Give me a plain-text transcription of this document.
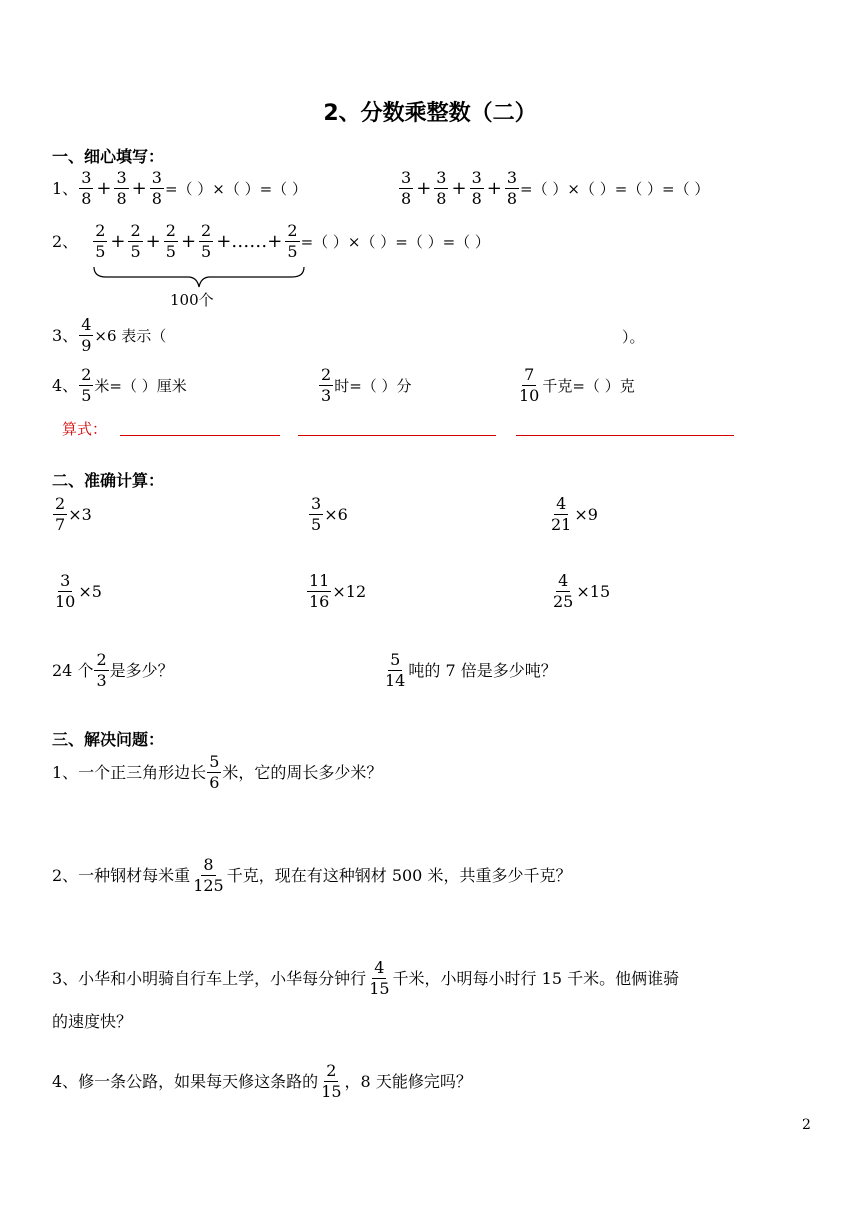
2、分数乘整数（二）
一、细心填写：
1、 $\frac{3}{8} + \frac{3}{8} + \frac{3}{8}$ =（ ）×（ ）=（ ）	$\frac{3}{8} + \frac{3}{8} + \frac{3}{8} + \frac{3}{8}$ =（ ）×（ ）=（ ）=（ ）
2、 $\frac{2}{5} + \frac{2}{5} + \frac{2}{5} + \frac{2}{5}$ +……+ $\frac{2}{5}$ =（ ）×（ ）=（ ）=（ ）
100个
3、 $\frac{4}{9} \times 6$ 表示（	）。
4、 $\frac{2}{5}$ 米=（ ）厘米	$\frac{2}{3}$ 时=（ ）分	$\frac{7}{10}$ 千克=（ ）克
算式：
二、准确计算：
$\frac{2}{7} \times 3$	$\frac{3}{5} \times 6$	$\frac{4}{21} \times 9$
$\frac{3}{10} \times 5$	$\frac{11}{16} \times 12$	$\frac{4}{25} \times 15$
24 个 $\frac{2}{3}$ 是多少？	$\frac{5}{14}$ 吨的 7 倍是多少吨？
三、解决问题：
1、一个正三角形边长 $\frac{5}{6}$ 米，它的周长多少米？
2、一种钢材每米重 $\frac{8}{125}$ 千克，现在有这种钢材 500 米，共重多少千克？
3、小华和小明骑自行车上学，小华每分钟行 $\frac{4}{15}$ 千米，小明每小时行 15 千米。他俩谁骑
的速度快？
4、修一条公路，如果每天修这条路的 $\frac{2}{15}$ ，8 天能修完吗？
2
